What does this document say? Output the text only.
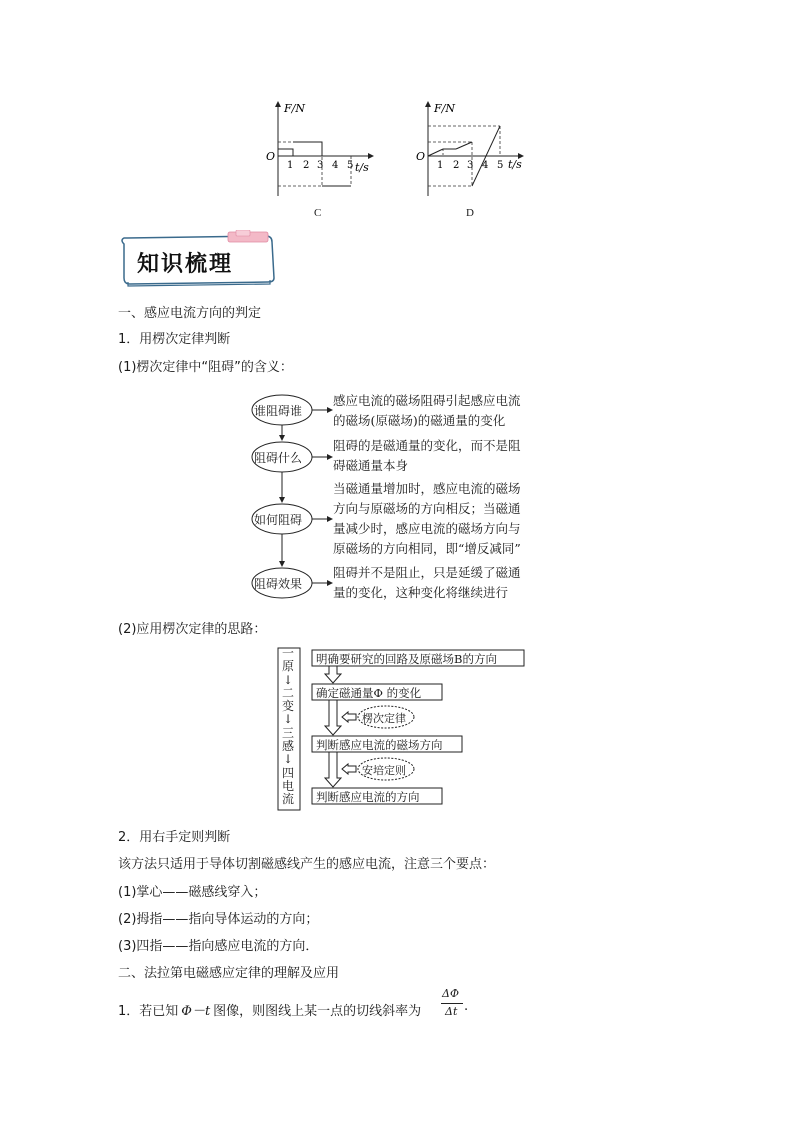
F/N
O
t/s
1 2 3 4 5
C
F/N
O
t/s
1 2 3 4 5
D
知识梳理
一、感应电流方向的判定
1．用楞次定律判断
(1)楞次定律中“阻碍”的含义：
谁阻碍谁
阻碍什么
如何阻碍
阻碍效果
感应电流的磁场阻碍引起感应电流
的磁场(原磁场)的磁通量的变化
阻碍的是磁通量的变化，而不是阻
碍磁通量本身
当磁通量增加时，感应电流的磁场
方向与原磁场的方向相反；当磁通
量减少时，感应电流的磁场方向与
原磁场的方向相同，即“增反减同”
阻碍并不是阻止，只是延缓了磁通
量的变化，这种变化将继续进行
(2)应用楞次定律的思路：
一
原
↓
二
变
↓
三
感
↓
四
电
流
明确要研究的回路及原磁场B的方向
确定磁通量Φ 的变化
判断感应电流的磁场方向
判断感应电流的方向
楞次定律
安培定则
2．用右手定则判断
该方法只适用于导体切割磁感线产生的感应电流，注意三个要点：
(1)掌心——磁感线穿入；
(2)拇指——指向导体运动的方向；
(3)四指——指向感应电流的方向．
二、法拉第电磁感应定律的理解及应用
1．若已知 Φ－t 图像，则图线上某一点的切线斜率为
ΔΦ
Δt .
